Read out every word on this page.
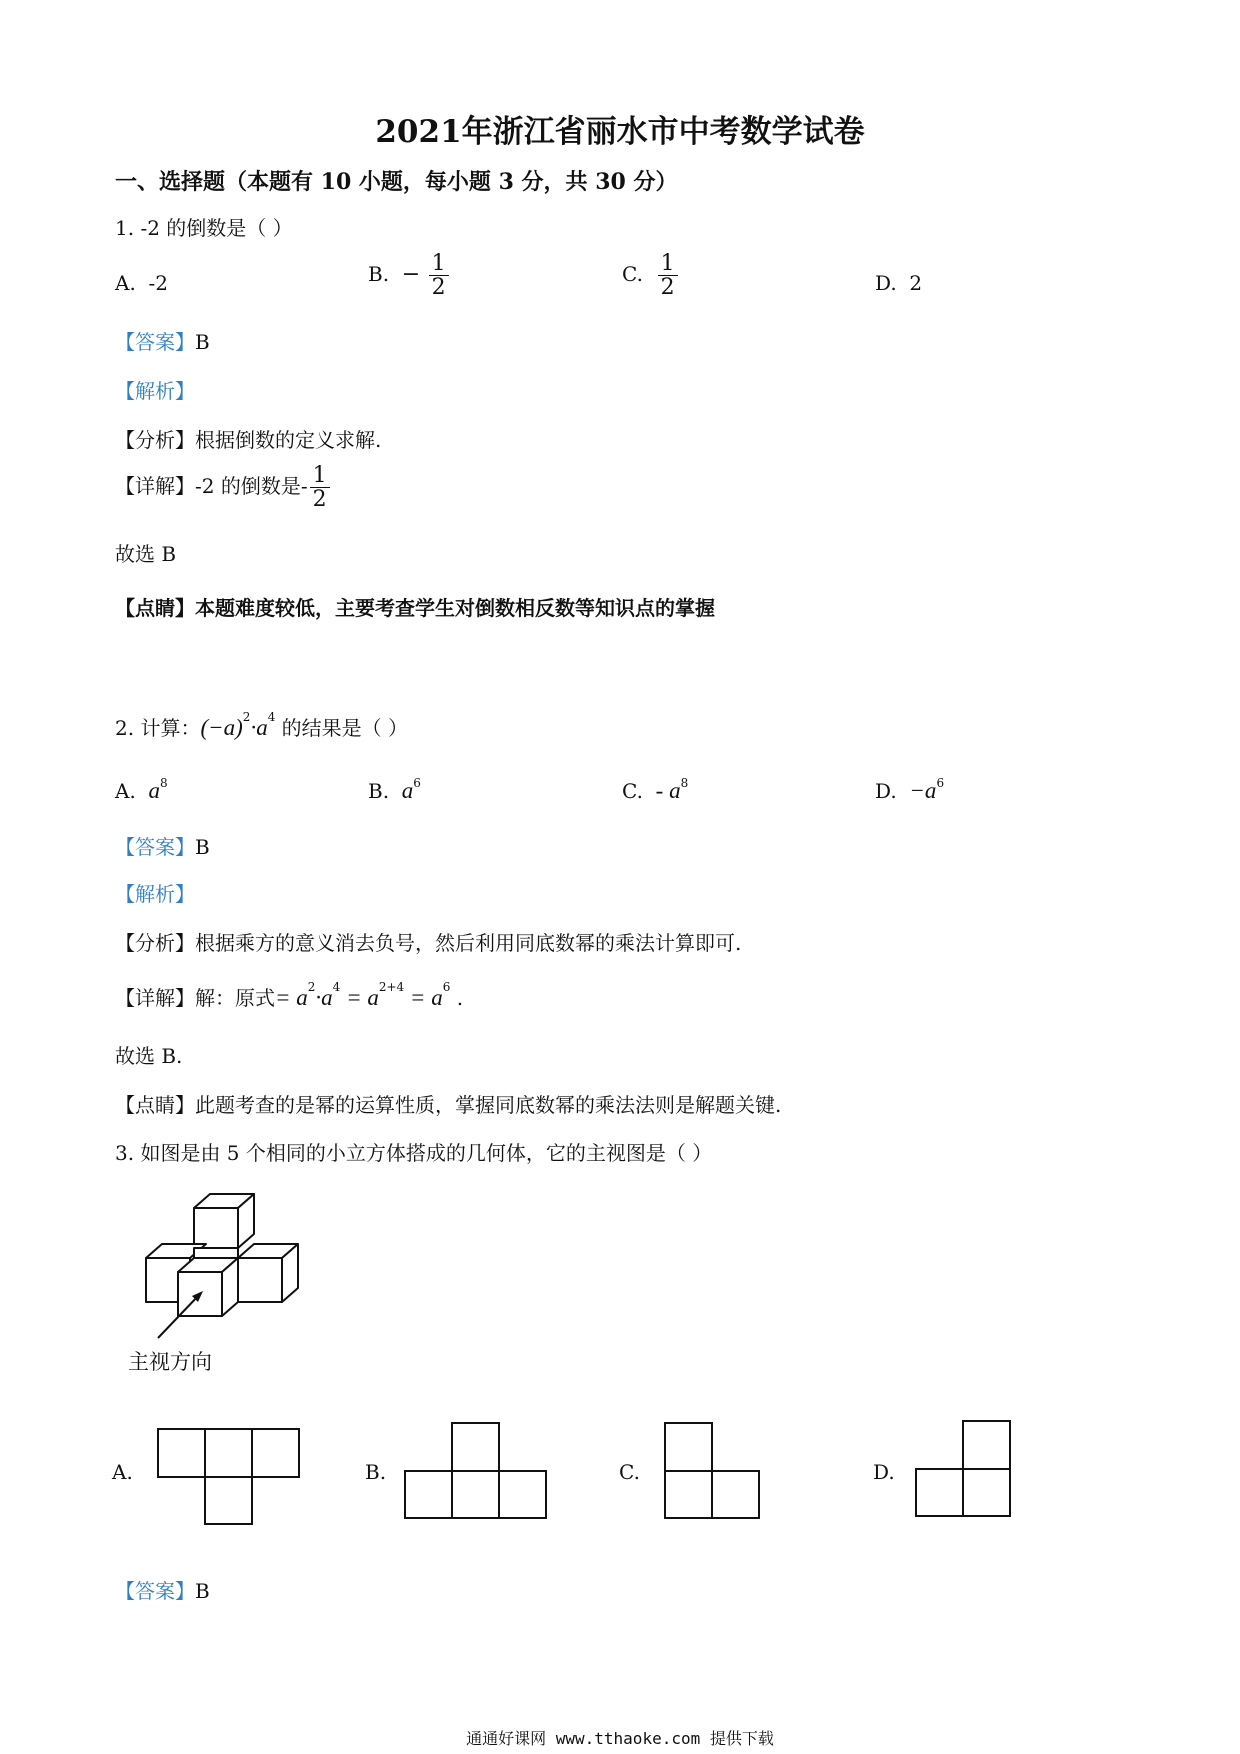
2021年浙江省丽水市中考数学试卷
一、选择题（本题有 10 小题，每小题 3 分，共 30 分）
1. -2 的倒数是（ ）
A. -2	B. − $\frac{1}{2}$	C. $\frac{1}{2}$	D. 2
【答案】B
【解析】
【分析】根据倒数的定义求解.
【详解】-2 的倒数是- $\frac{1}{2}$
故选 B
【点睛】本题难度较低，主要考查学生对倒数相反数等知识点的掌握
2. 计算：$(-a)^2\cdot a^4$ 的结果是（ ）
A. $a^8$	B. $a^6$	C. - $a^8$	D. $-a^6$
【答案】B
【解析】
【分析】根据乘方的意义消去负号，然后利用同底数幂的乘法计算即可.
【详解】解：原式= $a^2\cdot a^4 = a^{2+4} = a^6$ .
故选 B.
【点睛】此题考查的是幂的运算性质，掌握同底数幂的乘法法则是解题关键.
3. 如图是由 5 个相同的小立方体搭成的几何体，它的主视图是（ ）
主视方向
A.	B.	C.	D.
【答案】B
通通好课网 www.tthaoke.com 提供下载
